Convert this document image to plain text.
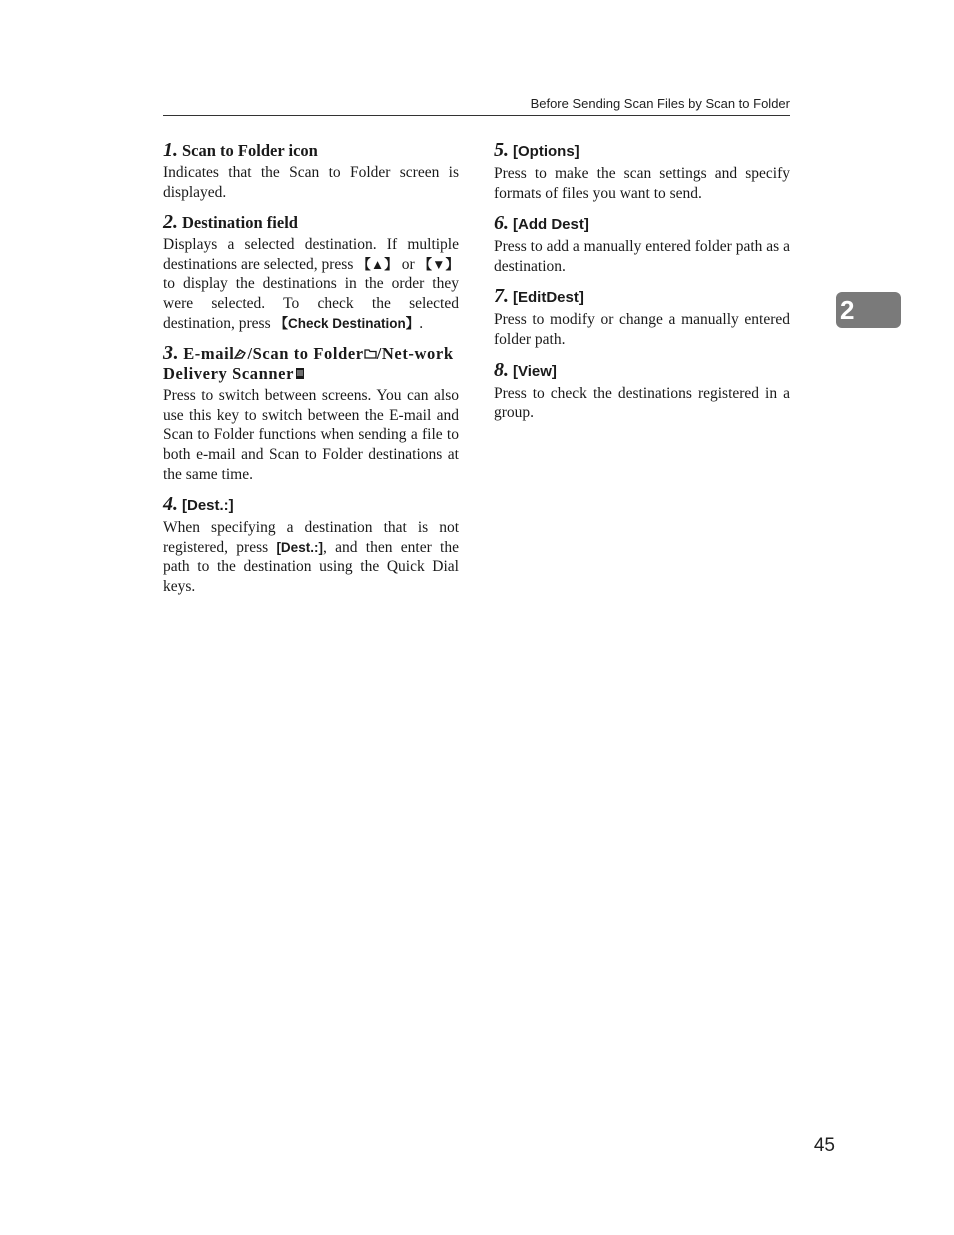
Before Sending Scan Files by Scan to Folder

1. Scan to Folder icon

Indicates that the Scan to Folder screen is displayed.

2. Destination field

Displays a selected destination. If multiple destinations are selected, press 【▲】 or 【▼】 to display the destinations in the order they were selected. To check the selected destination, press 【Check Destination】.

3. E-mail /Scan to Folder /Net-work Delivery Scanner

Press to switch between screens. You can also use this key to switch between the E-mail and Scan to Folder functions when sending a file to both e-mail and Scan to Folder destinations at the same time.

4. [Dest.:]

When specifying a destination that is not registered, press [Dest.:], and then enter the path to the destination using the Quick Dial keys.

5. [Options]

Press to make the scan settings and specify formats of files you want to send.

6. [Add Dest]

Press to add a manually entered folder path as a destination.

7. [EditDest]

Press to modify or change a manually entered folder path.

8. [View]

Press to check the destinations registered in a group.

2
45
